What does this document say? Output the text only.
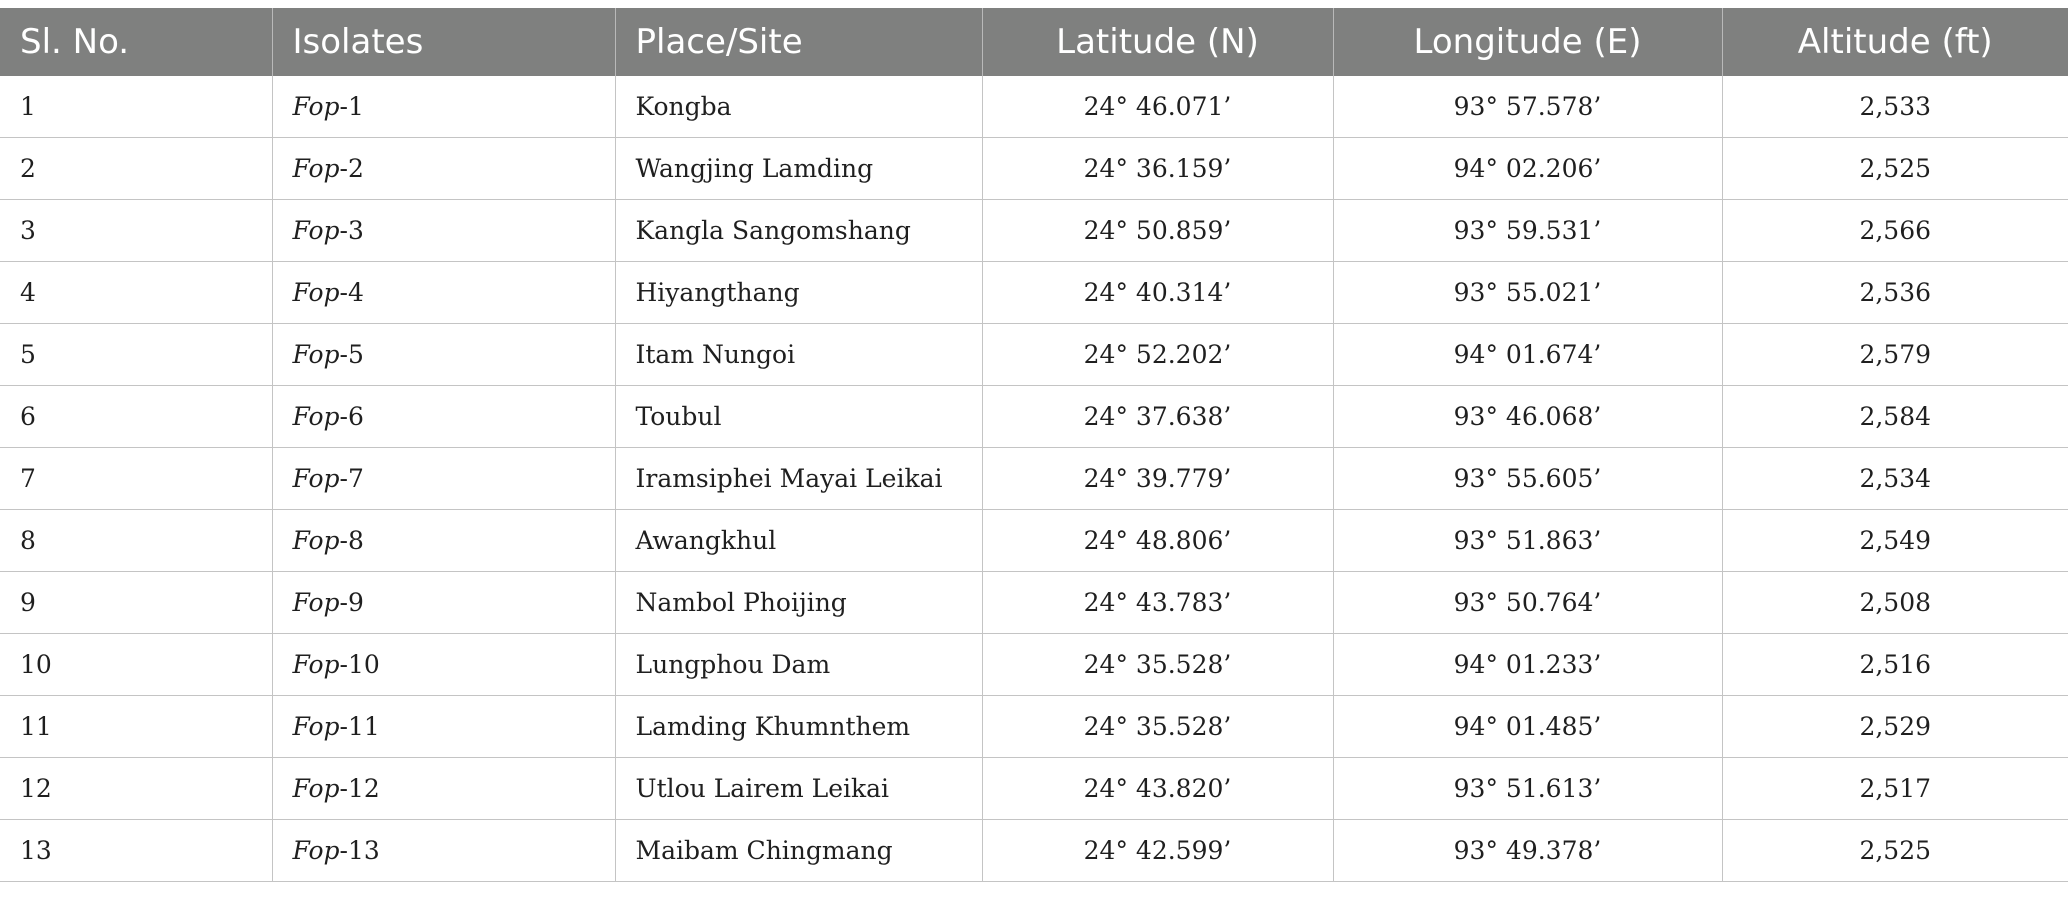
Sl. No.	Isolates	Place/Site	Latitude (N)	Longitude (E)	Altitude (ft)
1	Fop-1	Kongba	24° 46.071’	93° 57.578’	2,533
2	Fop-2	Wangjing Lamding	24° 36.159’	94° 02.206’	2,525
3	Fop-3	Kangla Sangomshang	24° 50.859’	93° 59.531’	2,566
4	Fop-4	Hiyangthang	24° 40.314’	93° 55.021’	2,536
5	Fop-5	Itam Nungoi	24° 52.202’	94° 01.674’	2,579
6	Fop-6	Toubul	24° 37.638’	93° 46.068’	2,584
7	Fop-7	Iramsiphei Mayai Leikai	24° 39.779’	93° 55.605’	2,534
8	Fop-8	Awangkhul	24° 48.806’	93° 51.863’	2,549
9	Fop-9	Nambol Phoijing	24° 43.783’	93° 50.764’	2,508
10	Fop-10	Lungphou Dam	24° 35.528’	94° 01.233’	2,516
11	Fop-11	Lamding Khumnthem	24° 35.528’	94° 01.485’	2,529
12	Fop-12	Utlou Lairem Leikai	24° 43.820’	93° 51.613’	2,517
13	Fop-13	Maibam Chingmang	24° 42.599’	93° 49.378’	2,525
